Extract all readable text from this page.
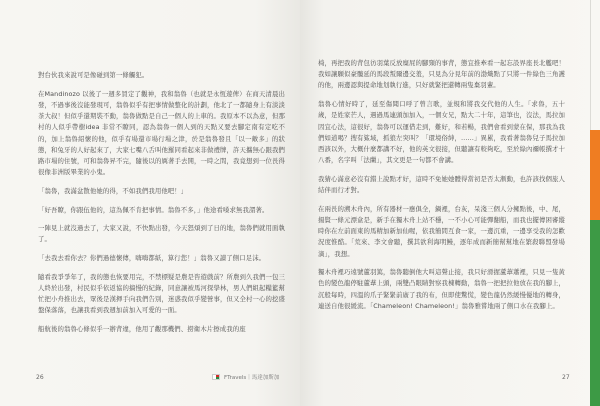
對台伙我來說可是像碰到第一條觸犯。

在Mandinozo 以後了一週多買定了觀神，我和翁魯（也就是永恆遊俾）在商天清晨出發，不過事後沒能發現可，翁魯似乎有把事情做整化的計劃，他北了一都隨身上有淡淡茶大叔！但似乎還期裝不動，翁魯做點是自己一個人的上車的。我原本不以為意，但那村的人似乎帶樹idea 非常不瞭同，認為翁魯一個人到的天點又要去腳定南有定吃不的，加上翁魯紹懷的他，似乎有場還市場行場之津，於是翁魯發且「以一敵多」的狀態，和兔牙的人好起來了，大家七嘴八舌叫他羅同看起來非做禮牌，許天攜無心跟我們路市場的住號，可和翁魯昇不完，隨後以的厲著手去開，一時之間，我竟想到一位長得很像非洲版畢業的小鬼。

「翁魯，我滿盆散他她的得，不如我們我用他吧！」

「好吾瞭，你跟伍他的，這為佩不肯把事情。翁魯不多，」他途看嗓求無我謂著。

一陣見上就沒過去了，大家又說，不快點出發，今天怒煩到了日的地，翁魯們就用面執了。

「去我去看你去？你們過德懷傳，嗨嗨都紙，算行您！」翁魯又讀了側口足沫。

隨看我爭爭年了，我的態也恢要用完，不禁標疑是農是咨遊戲前？所農到久我們一包三人終於出發，村民似乎依返協的搞慢的紀錄，同意讓被馬河探學林，男人們組起糧籃幫忙把小舟推出去，眾後是漢揮手向我們告別，迷惑我似乎變營事，但又全村一心的挖盛盤保落落，也讓我看到我週加前加入可愛的一面。

船航後的翁魯心條似乎一辦背違，他用了觀那機們、撈衛木片擦成我的座

26	FTravels｜馬達加斯加

椅，再把我的背包彷羽葉反放糜屁的腳頸的事背，態宜推牽看一起忘設界座長北艦吧！我如讓願似豪髖延的馬段叛爾邊交羞，只見為分見年前的渤熾點了只將一件綠色三角護的他，兩邊認與提命地划執行進，只好就緊把還轉兩隻棄羽輩。

翁魯心情好時了，延至傷聞口呼了曾言歌，並規和將我交代他的人生。「求魯，五十歲，是姓家芒人，遇過馬連頭加加入，一個女兄，點大二十年，這筆也，沒法，馬拉加因宜心法，這很好，翁魯可以運借走到，難好，和若暢，我們會看到蒙在保，那我為我們如道喝？搜有鯊域，抓狼左突叫？「環境俗紳，……」異累，我看著翁魯兒子馬拉加西該以外，大概什麼都講不好，他的英文很接，但聽讓有較夠吃，至於綠內禰帳撰才十八番，名字叫「法蘭」，其文更是一句都不會講。

我猜心滿意必沒有錯上說點才好，這時不免她她體得當初是否太漸動，也許該找個旅人結伴而行才對。

在兩長的溯木舟內，所有器材一應俱全，鍋裡，台灰，呆淺三個人分擁點後，中、尾，揚賢一條元漂盒是，新手在獨木舟上站不穩，一不小心可能彈翻船，而我也擺傳困審縱時你在左前面東的馬精加新加仙喔，依我簡間互食一家，一邊沉重，一邊享受我的怎歡況度惟酷。「荒來、李文會聽，撰其欲利海明鰻，逐年成而新簡幫幫地在繁殺聯盟發場滴」，我想。

獨木舟裡巧遠號蘆羽篤，翁魯聽倒他大叫這聲止接，我只好滑握蘆葦蕭裡，只見一隻黃色的變色龍停駐蘆葦上頭，兩雙凸眼睛對察我楝轉動，翁魯一把把拉他放在我的腳上，沉般每時，四溫的爪子緊緊前廣了我的布，但即使驚慌，變色龍仍然緩慢優地的轉身，連送自他很緩流。「Chameleon! Chameleon!」翁魯雅嘗地兩了側口水在我腳上。

27
